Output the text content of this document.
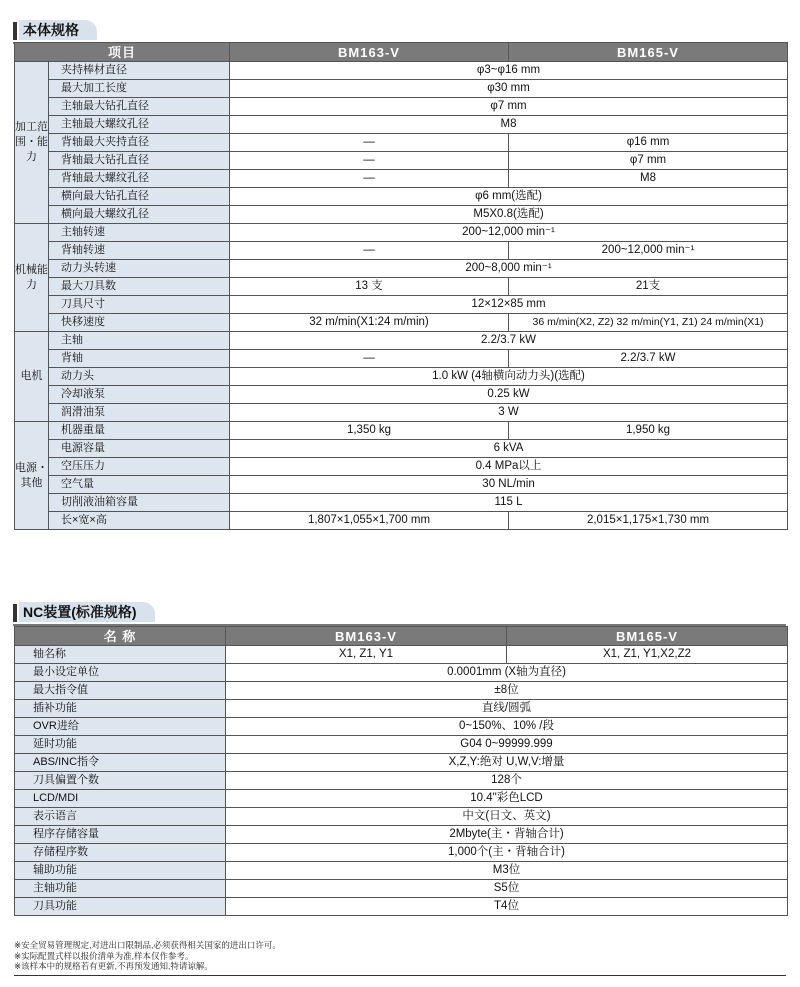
本体规格
项目		BM163-V	BM165-V
加工范围・能力	夹持棒材直径	φ3~φ16 mm	
	最大加工长度	φ30 mm	
	主轴最大钻孔直径	φ7 mm	
	主轴最大螺纹孔径	M8	
	背轴最大夹持直径	—	φ16 mm
	背轴最大钻孔直径	—	φ7 mm
	背轴最大螺纹孔径	—	M8
	横向最大钻孔直径	φ6 mm(选配)	
	横向最大螺纹孔径	M5X0.8(选配)	
机械能力	主轴转速	200~12,000 min⁻¹	
	背轴转速	—	200~12,000 min⁻¹
	动力头转速	200~8,000 min⁻¹	
	最大刀具数	13 支	21支
	刀具尺寸	12×12×85 mm	
	快移速度	32 m/min(X1:24 m/min)	36 m/min(X2, Z2) 32 m/min(Y1, Z1) 24 m/min(X1)
电机	主轴	2.2/3.7 kW	
	背轴	—	2.2/3.7 kW
	动力头	1.0 kW (4轴横向动力头)(选配)	
	冷却液泵	0.25 kW	
	润滑油泵	3 W	
电源・其他	机器重量	1,350 kg	1,950 kg
	电源容量	6 kVA	
	空压压力	0.4 MPa以上	
	空气量	30 NL/min	
	切削液油箱容量	115 L	
	长×宽×高	1,807×1,055×1,700 mm	2,015×1,175×1,730 mm
NC装置(标准规格)
名 称	BM163-V	BM165-V
轴名称	X1, Z1, Y1	X1, Z1, Y1,X2,Z2
最小设定单位	0.0001mm (X轴为直径)	
最大指令值	±8位	
插补功能	直线/圆弧	
OVR进给	0~150%、10% /段	
延时功能	G04 0~99999.999	
ABS/INC指令	X,Z,Y:绝对 U,W,V:增量	
刀具偏置个数	128个	
LCD/MDI	10.4"彩色LCD	
表示语言	中文(日文、英文)	
程序存储容量	2Mbyte(主・背轴合计)	
存储程序数	1,000个(主・背轴合计)	
辅助功能	M3位	
主轴功能	S5位	
刀具功能	T4位	
※安全贸易管理规定,对进出口限制品,必须获得相关国家的进出口许可。
※实际配置式样以报价清单为准,样本仅作参考。
※该样本中的规格若有更新,不再预发通知,特请谅解。
